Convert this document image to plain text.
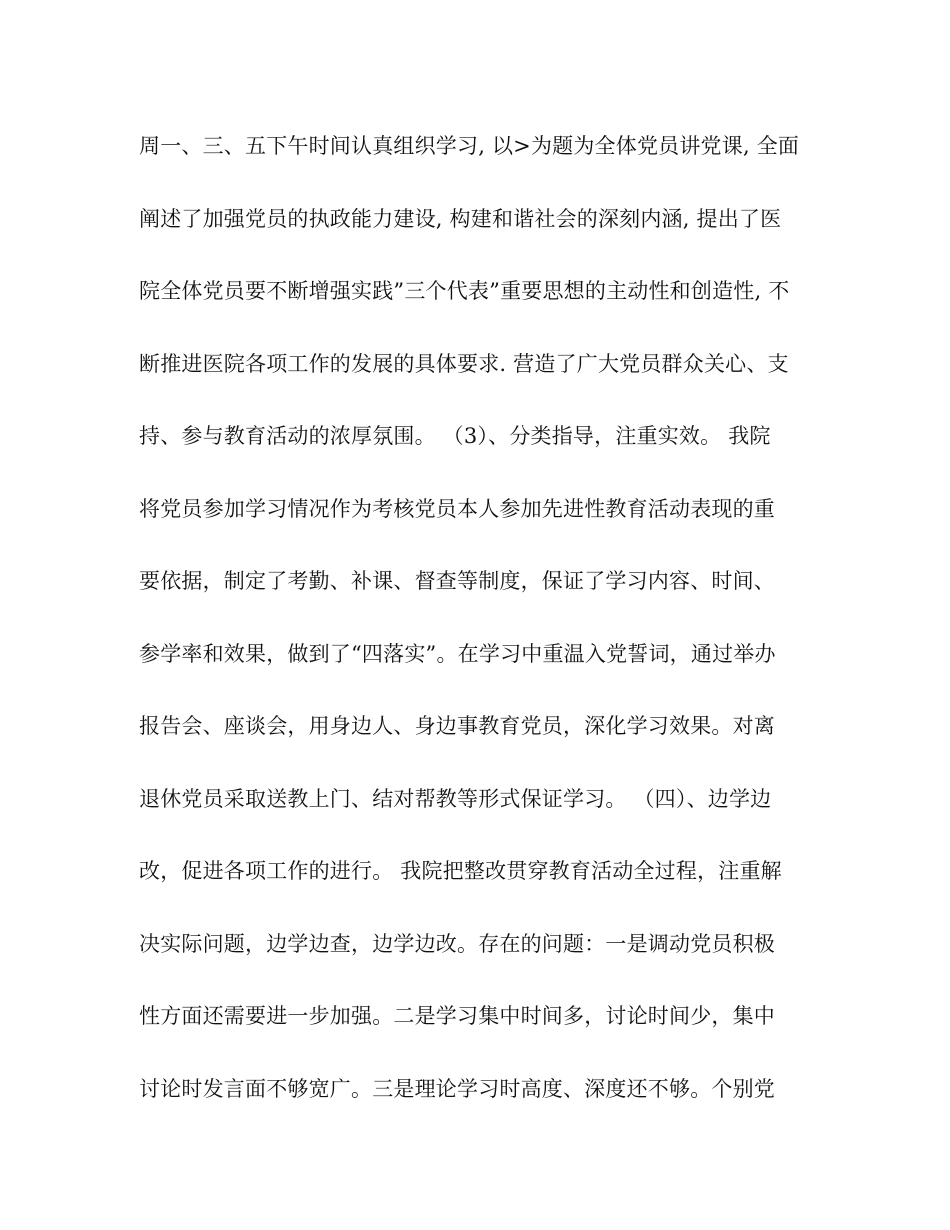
周一、三、五下午时间认真组织学习, 以>为题为全体党员讲党课, 全面
阐述了加强党员的执政能力建设, 构建和谐社会的深刻内涵, 提出了医
院全体党员要不断增强实践”三个代表”重要思想的主动性和创造性, 不
断推进医院各项工作的发展的具体要求. 营造了广大党员群众关心、支
持、参与教育活动的浓厚氛围。 （3）、分类指导，注重实效。 我院
将党员参加学习情况作为考核党员本人参加先进性教育活动表现的重
要依据，制定了考勤、补课、督查等制度，保证了学习内容、时间、
参学率和效果，做到了“四落实”。在学习中重温入党誓词，通过举办
报告会、座谈会，用身边人、身边事教育党员，深化学习效果。对离
退休党员采取送教上门、结对帮教等形式保证学习。 （四）、边学边
改，促进各项工作的进行。 我院把整改贯穿教育活动全过程，注重解
决实际问题，边学边查，边学边改。存在的问题：一是调动党员积极
性方面还需要进一步加强。二是学习集中时间多，讨论时间少，集中
讨论时发言面不够宽广。三是理论学习时高度、深度还不够。个别党
